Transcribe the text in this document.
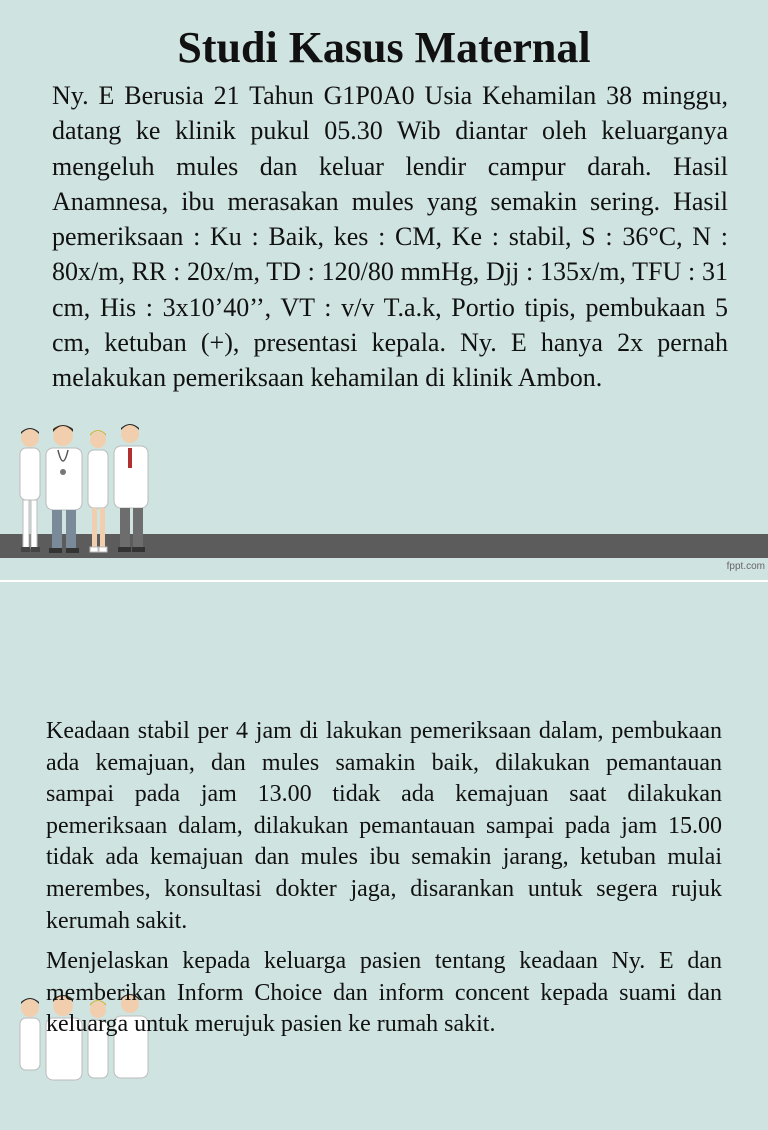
Studi Kasus Maternal

Ny. E Berusia 21 Tahun G1P0A0 Usia Kehamilan 38 minggu, datang ke klinik pukul 05.30 Wib diantar oleh keluarganya mengeluh mules dan keluar lendir campur darah. Hasil Anamnesa, ibu merasakan mules yang semakin sering. Hasil pemeriksaan : Ku : Baik, kes : CM, Ke : stabil, S : 36°C, N : 80x/m, RR : 20x/m, TD : 120/80 mmHg, Djj : 135x/m, TFU : 31 cm, His : 3x10’40’’, VT : v/v T.a.k, Portio tipis, pembukaan 5 cm, ketuban (+), presentasi kepala. Ny. E hanya 2x pernah melakukan pemeriksaan kehamilan di klinik Ambon.

fppt.com

Keadaan stabil per 4 jam di lakukan pemeriksaan dalam, pembukaan ada kemajuan, dan mules samakin baik, dilakukan pemantauan sampai pada jam 13.00 tidak ada kemajuan saat dilakukan pemeriksaan dalam, dilakukan pemantauan sampai pada jam 15.00 tidak ada kemajuan dan mules ibu semakin jarang, ketuban mulai merembes, konsultasi dokter jaga, disarankan untuk segera rujuk kerumah sakit.

Menjelaskan kepada keluarga pasien tentang keadaan Ny. E dan memberikan Inform Choice dan inform concent kepada suami dan keluarga untuk merujuk pasien ke rumah sakit.
